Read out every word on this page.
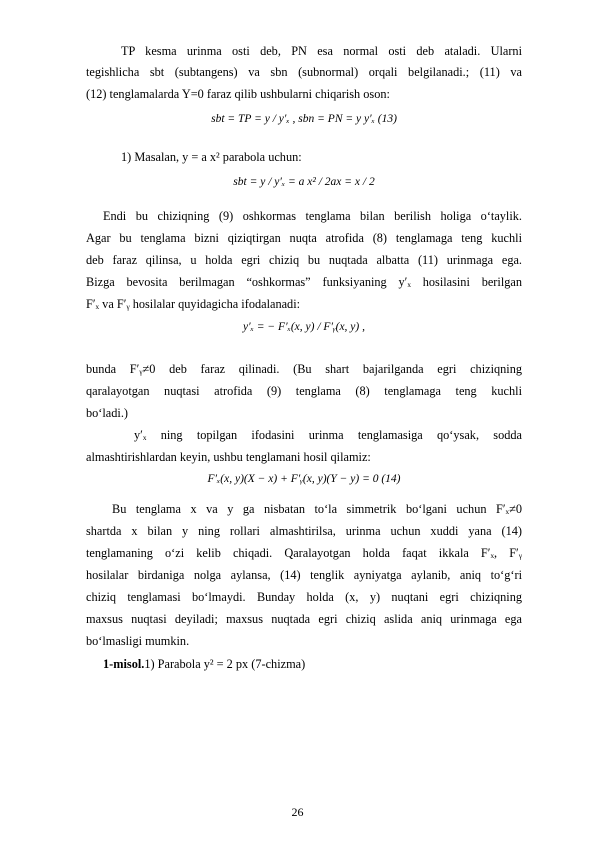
TP kesma urinma osti deb, PN esa normal osti deb ataladi. Ularni
tegishlicha sbt (subtangens) va sbn (subnormal) orqali belgilanadi.; (11) va
(12) tenglamalarda Y=0 faraz qilib ushbularni chiqarish oson:
sbt = TP = y / y′ₓ , sbn = PN = y y′ₓ (13)
1) Masalan, y = a x² parabola uchun:
sbt = y / y′ₓ = a x² / 2ax = x / 2
Endi bu chiziqning (9) oshkormas tenglama bilan berilish holiga o‘taylik.
Agar bu tenglama bizni qiziqtirgan nuqta atrofida (8) tenglamaga teng kuchli
deb faraz qilinsa, u holda egri chiziq bu nuqtada albatta (11) urinmaga ega.
Bizga bevosita berilmagan “oshkormas” funksiyaning y′ₓ hosilasini berilgan
F′ₓ va F′ᵧ hosilalar quyidagicha ifodalanadi:
y′ₓ = − F′ₓ(x, y) / F′ᵧ(x, y) ,
bunda F′ᵧ≠0 deb faraz qilinadi. (Bu shart bajarilganda egri chiziqning
qaralayotgan nuqtasi atrofida (9) tenglama (8) tenglamaga teng kuchli
bo‘ladi.)
y′ₓ ning topilgan ifodasini urinma tenglamasiga qo‘ysak, sodda
almashtirishlardan keyin, ushbu tenglamani hosil qilamiz:
F′ₓ(x, y)(X − x) + F′ᵧ(x, y)(Y − y) = 0 (14)
Bu tenglama x va y ga nisbatan to‘la simmetrik bo‘lgani uchun F′ₓ≠0
shartda x bilan y ning rollari almashtirilsa, urinma uchun xuddi yana (14)
tenglamaning o‘zi kelib chiqadi. Qaralayotgan holda faqat ikkala F′ₓ, F′ᵧ
hosilalar birdaniga nolga aylansa, (14) tenglik ayniyatga aylanib, aniq to‘g‘ri
chiziq tenglamasi bo‘lmaydi. Bunday holda (x, y) nuqtani egri chiziqning
maxsus nuqtasi deyiladi; maxsus nuqtada egri chiziq aslida aniq urinmaga ega
bo‘lmasligi mumkin.
1-misol.1) Parabola y² = 2 px (7-chizma)
26
